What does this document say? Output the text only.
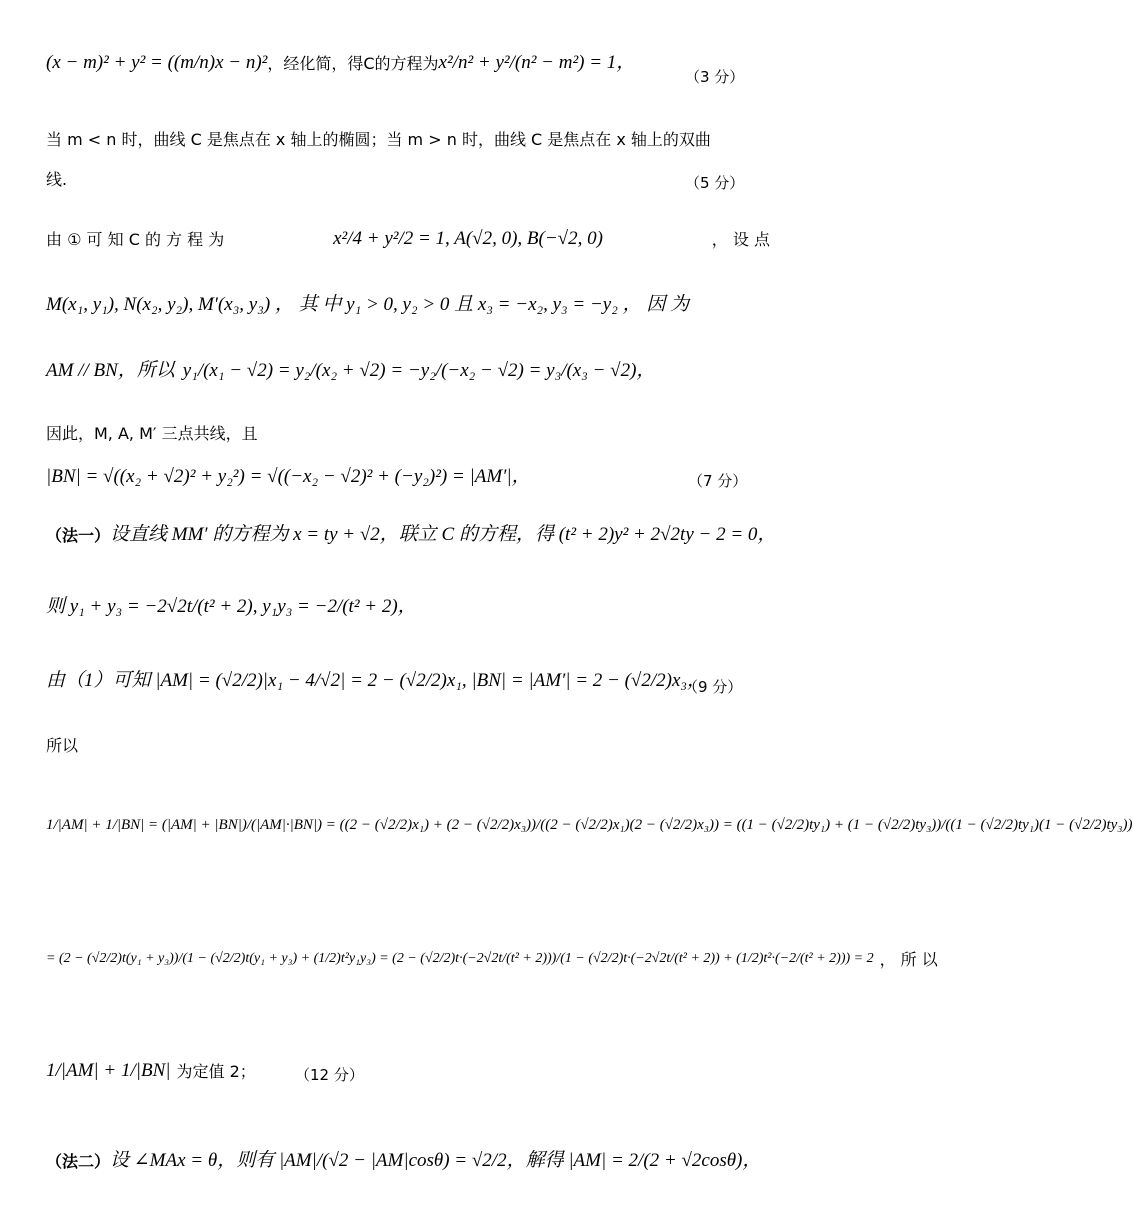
(x − m)² + y² = ((m/n)x − n)² ，经化简，得C的方程为 x²/n² + y²/(n² − m²) = 1，
（3 分）
当 m < n 时，曲线 C 是焦点在 x 轴上的椭圆；当 m > n 时，曲线 C 是焦点在 x 轴上的双曲
线.	（5 分）
由 ① 可 知 C 的 方 程 为	x²/4 + y²/2 = 1, A(√2, 0), B(−√2, 0)	， 设 点
M(x₁, y₁), N(x₂, y₂), M′(x₃, y₃) ， 其 中 y₁ > 0, y₂ > 0 且 x₃ = −x₂, y₃ = −y₂ ， 因 为
AM // BN，所以 y₁/(x₁ − √2) = y₂/(x₂ + √2) = −y₂/(−x₂ − √2) = y₃/(x₃ − √2)，
因此，M, A, M′ 三点共线，且
|BN| = √((x₂ + √2)² + y₂²) = √((−x₂ − √2)² + (−y₂)²) = |AM′|，	（7 分）
（法一） 设直线 MM′ 的方程为 x = ty + √2，联立 C 的方程，得 (t² + 2)y² + 2√2ty − 2 = 0，
则 y₁ + y₃ = −2√2t/(t² + 2), y₁y₃ = −2/(t² + 2)，
由（1）可知 |AM| = (√2/2)|x₁ − 4/√2| = 2 − (√2/2)x₁, |BN| = |AM′| = 2 − (√2/2)x₃，
（9 分）
所以
1/|AM| + 1/|BN| = (|AM| + |BN|)/(|AM|·|BN|) = ((2 − (√2/2)x₁) + (2 − (√2/2)x₃))/((2 − (√2/2)x₁)(2 − (√2/2)x₃)) = ((1 − (√2/2)ty₁) + (1 − (√2/2)ty₃))/((1 − (√2/2)ty₁)(1 − (√2/2)ty₃))
= (2 − (√2/2)t(y₁ + y₃))/(1 − (√2/2)t(y₁ + y₃) + (1/2)t²y₁y₃) = (2 − (√2/2)t·(−2√2t/(t² + 2)))/(1 − (√2/2)t·(−2√2t/(t² + 2)) + (1/2)t²·(−2/(t² + 2))) = 2 ， 所 以
1/|AM| + 1/|BN| 为定值 2；	（12 分）
（法二） 设 ∠MAx = θ，则有 |AM|/(√2 − |AM|cosθ) = √2/2，解得 |AM| = 2/(2 + √2cosθ)，
